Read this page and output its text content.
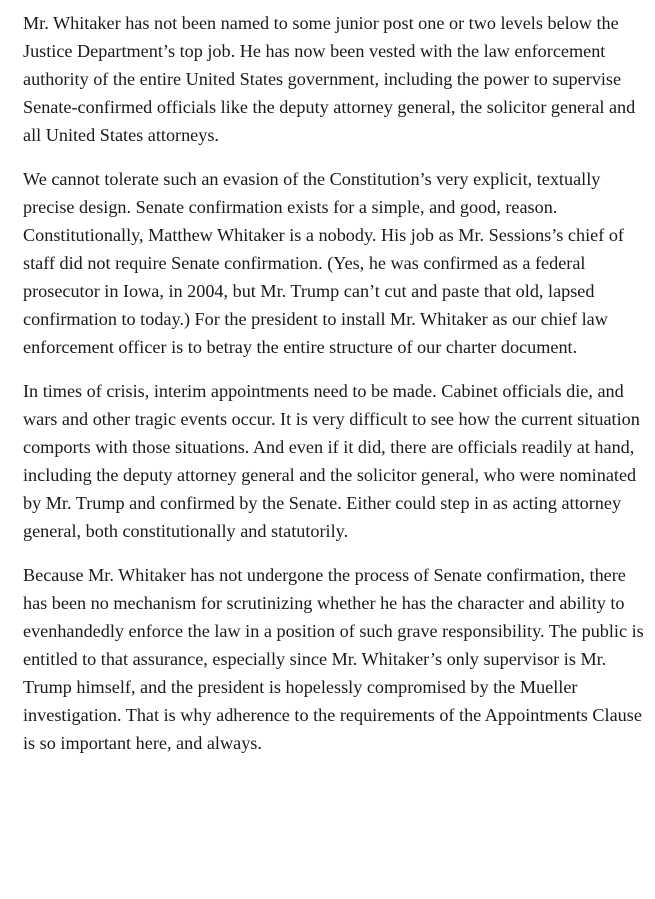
Mr. Whitaker has not been named to some junior post one or two levels below the Justice Department’s top job. He has now been vested with the law enforcement authority of the entire United States government, including the power to supervise Senate-confirmed officials like the deputy attorney general, the solicitor general and all United States attorneys.

We cannot tolerate such an evasion of the Constitution’s very explicit, textually precise design. Senate confirmation exists for a simple, and good, reason. Constitutionally, Matthew Whitaker is a nobody. His job as Mr. Sessions’s chief of staff did not require Senate confirmation. (Yes, he was confirmed as a federal prosecutor in Iowa, in 2004, but Mr. Trump can’t cut and paste that old, lapsed confirmation to today.) For the president to install Mr. Whitaker as our chief law enforcement officer is to betray the entire structure of our charter document.

In times of crisis, interim appointments need to be made. Cabinet officials die, and wars and other tragic events occur. It is very difficult to see how the current situation comports with those situations. And even if it did, there are officials readily at hand, including the deputy attorney general and the solicitor general, who were nominated by Mr. Trump and confirmed by the Senate. Either could step in as acting attorney general, both constitutionally and statutorily.

Because Mr. Whitaker has not undergone the process of Senate confirmation, there has been no mechanism for scrutinizing whether he has the character and ability to evenhandedly enforce the law in a position of such grave responsibility. The public is entitled to that assurance, especially since Mr. Whitaker’s only supervisor is Mr. Trump himself, and the president is hopelessly compromised by the Mueller investigation. That is why adherence to the requirements of the Appointments Clause is so important here, and always.
